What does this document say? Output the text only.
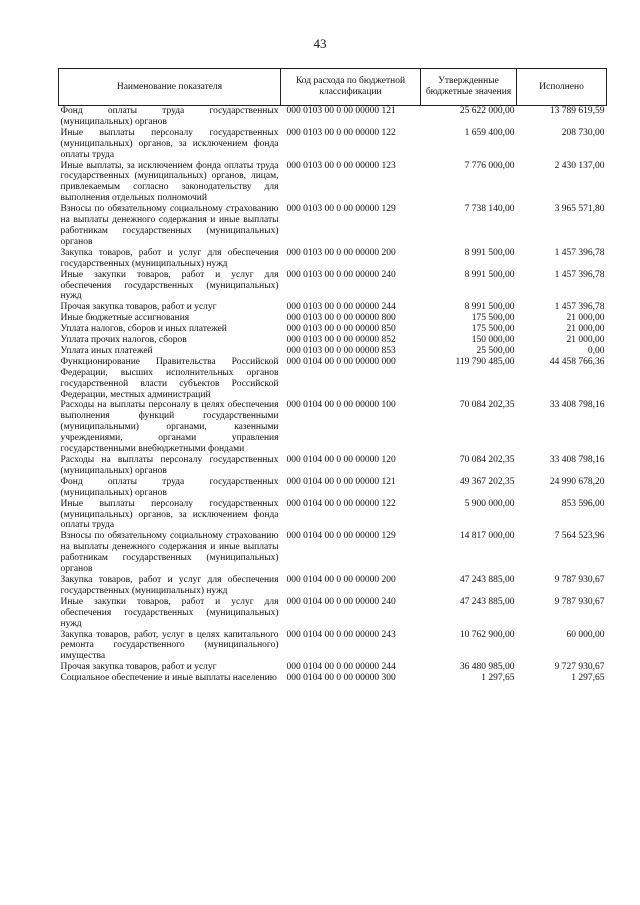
43
Наименование показателя	Код расхода по бюджетной классификации	Утвержденные бюджетные значения	Исполнено
Фонд оплаты труда государственных (муниципальных) органов	000 0103 00 0 00 00000 121	25 622 000,00	13 789 619,59
Иные выплаты персоналу государственных (муниципальных) органов, за исключением фонда оплаты труда	000 0103 00 0 00 00000 122	1 659 400,00	208 730,00
Иные выплаты, за исключением фонда оплаты труда государственных (муниципальных) органов, лицам, привлекаемым согласно законодательству для выполнения отдельных полномочий	000 0103 00 0 00 00000 123	7 776 000,00	2 430 137,00
Взносы по обязательному социальному страхованию на выплаты денежного содержания и иные выплаты работникам государственных (муниципальных) органов	000 0103 00 0 00 00000 129	7 738 140,00	3 965 571,80
Закупка товаров, работ и услуг для обеспечения государственных (муниципальных) нужд	000 0103 00 0 00 00000 200	8 991 500,00	1 457 396,78
Иные закупки товаров, работ и услуг для обеспечения государственных (муниципальных) нужд	000 0103 00 0 00 00000 240	8 991 500,00	1 457 396,78
Прочая закупка товаров, работ и услуг	000 0103 00 0 00 00000 244	8 991 500,00	1 457 396,78
Иные бюджетные ассигнования	000 0103 00 0 00 00000 800	175 500,00	21 000,00
Уплата налогов, сборов и иных платежей	000 0103 00 0 00 00000 850	175 500,00	21 000,00
Уплата прочих налогов, сборов	000 0103 00 0 00 00000 852	150 000,00	21 000,00
Уплата иных платежей	000 0103 00 0 00 00000 853	25 500,00	0,00
Функционирование Правительства Российской Федерации, высших исполнительных органов государственной власти субъектов Российской Федерации, местных администраций	000 0104 00 0 00 00000 000	119 790 485,00	44 458 766,36
Расходы на выплаты персоналу в целях обеспечения выполнения функций государственными (муниципальными) органами, казенными учреждениями, органами управления государственными внебюджетными фондами	000 0104 00 0 00 00000 100	70 084 202,35	33 408 798,16
Расходы на выплаты персоналу государственных (муниципальных) органов	000 0104 00 0 00 00000 120	70 084 202,35	33 408 798,16
Фонд оплаты труда государственных (муниципальных) органов	000 0104 00 0 00 00000 121	49 367 202,35	24 990 678,20
Иные выплаты персоналу государственных (муниципальных) органов, за исключением фонда оплаты труда	000 0104 00 0 00 00000 122	5 900 000,00	853 596,00
Взносы по обязательному социальному страхованию на выплаты денежного содержания и иные выплаты работникам государственных (муниципальных) органов	000 0104 00 0 00 00000 129	14 817 000,00	7 564 523,96
Закупка товаров, работ и услуг для обеспечения государственных (муниципальных) нужд	000 0104 00 0 00 00000 200	47 243 885,00	9 787 930,67
Иные закупки товаров, работ и услуг для обеспечения государственных (муниципальных) нужд	000 0104 00 0 00 00000 240	47 243 885,00	9 787 930,67
Закупка товаров, работ, услуг в целях капитального ремонта государственного (муниципального) имущества	000 0104 00 0 00 00000 243	10 762 900,00	60 000,00
Прочая закупка товаров, работ и услуг	000 0104 00 0 00 00000 244	36 480 985,00	9 727 930,67
Социальное обеспечение и иные выплаты населению	000 0104 00 0 00 00000 300	1 297,65	1 297,65
